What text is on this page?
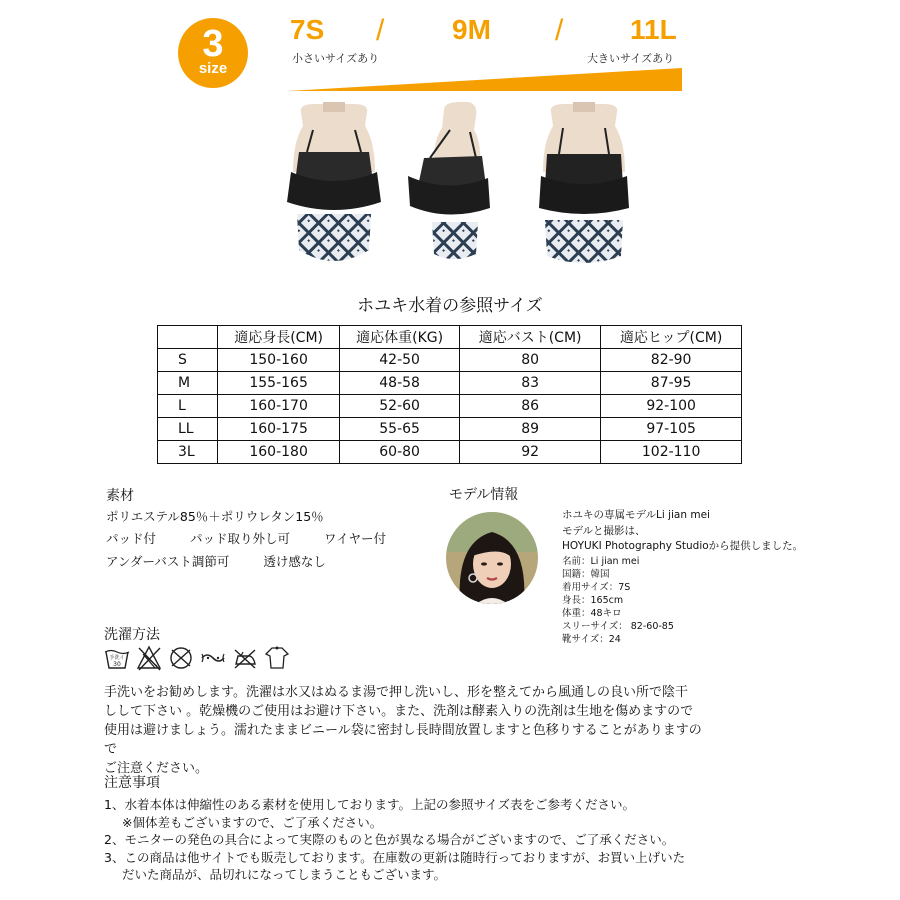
3
size
7S / 9M / 11L
小さいサイズあり	大きいサイズあり
ホユキ水着の参照サイズ
	適応身長(CM)	適応体重(KG)	適応バスト(CM)	適応ヒップ(CM)
S	150-160	42-50	80	82-90
M	155-165	48-58	83	87-95
L	160-170	52-60	86	92-100
LL	160-175	55-65	89	97-105
3L	160-180	60-80	92	102-110
素材
ポリエステル85％＋ポリウレタン15％
パッド付	パッド取り外し可	ワイヤー付
アンダーバスト調節可	透け感なし
モデル情報
ホユキの専属モデルLi jian mei
モデルと撮影は、
HOYUKI Photography Studioから提供しました。
名前：Li jian mei
国籍：韓国
着用サイズ：7S
身長：165cm
体重：48キロ
スリーサイズ： 82-60-85
靴サイズ：24
洗濯方法
手洗イ
30
手洗いをお勧めします。洗濯は水又はぬるま湯で押し洗いし、形を整えてから風通しの良い所で陰干
しして下さい 。乾燥機のご使用はお避け下さい。また、洗剤は酵素入りの洗剤は生地を傷めますので
使用は避けましょう。濡れたままビニール袋に密封し長時間放置しますと色移りすることがありますので
ご注意ください。
注意事項
1、水着本体は伸縮性のある素材を使用しております。上記の参照サイズ表をご参考ください。
※個体差もございますので、ご了承ください。
2、モニターの発色の具合によって実際のものと色が異なる場合がございますので、ご了承ください。
3、この商品は他サイトでも販売しております。在庫数の更新は随時行っておりますが、お買い上げいた
だいた商品が、品切れになってしまうこともございます。
